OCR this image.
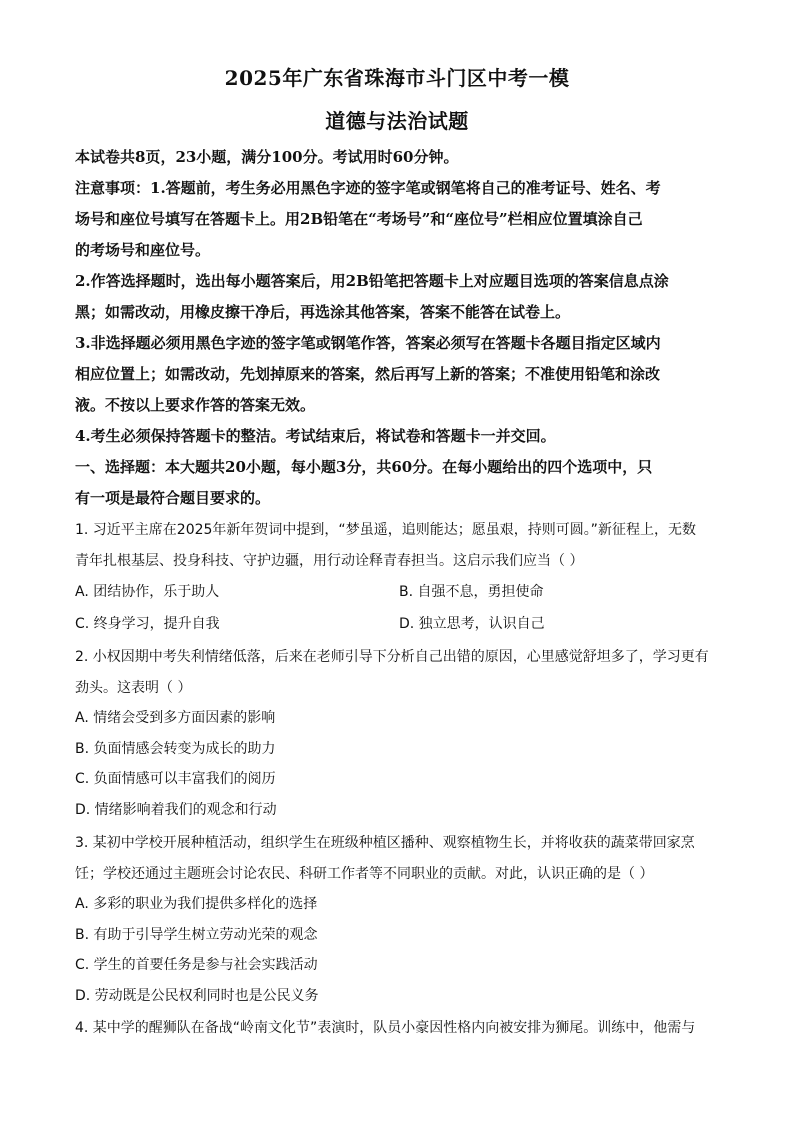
2025年广东省珠海市斗门区中考一模
道德与法治试题
本试卷共8页，23小题，满分100分。考试用时60分钟。
注意事项：1.答题前，考生务必用黑色字迹的签字笔或钢笔将自己的准考证号、姓名、考
场号和座位号填写在答题卡上。用2B铅笔在“考场号”和“座位号”栏相应位置填涂自己
的考场号和座位号。
2.作答选择题时，选出每小题答案后，用2B铅笔把答题卡上对应题目选项的答案信息点涂
黑；如需改动，用橡皮擦干净后，再选涂其他答案，答案不能答在试卷上。
3.非选择题必须用黑色字迹的签字笔或钢笔作答，答案必须写在答题卡各题目指定区域内
相应位置上；如需改动，先划掉原来的答案，然后再写上新的答案；不准使用铅笔和涂改
液。不按以上要求作答的答案无效。
4.考生必须保持答题卡的整洁。考试结束后，将试卷和答题卡一并交回。
一、选择题：本大题共20小题，每小题3分，共60分。在每小题给出的四个选项中，只
有一项是最符合题目要求的。
1. 习近平主席在2025年新年贺词中提到，“梦虽遥，追则能达；愿虽艰，持则可圆。”新征程上，无数
青年扎根基层、投身科技、守护边疆，用行动诠释青春担当。这启示我们应当（ ）
A. 团结协作，乐于助人	B. 自强不息，勇担使命
C. 终身学习，提升自我	D. 独立思考，认识自己
2. 小权因期中考失利情绪低落，后来在老师引导下分析自己出错的原因，心里感觉舒坦多了，学习更有
劲头。这表明（ ）
A. 情绪会受到多方面因素的影响
B. 负面情感会转变为成长的助力
C. 负面情感可以丰富我们的阅历
D. 情绪影响着我们的观念和行动
3. 某初中学校开展种植活动，组织学生在班级种植区播种、观察植物生长，并将收获的蔬菜带回家烹
饪；学校还通过主题班会讨论农民、科研工作者等不同职业的贡献。对此，认识正确的是（ ）
A. 多彩的职业为我们提供多样化的选择
B. 有助于引导学生树立劳动光荣的观念
C. 学生的首要任务是参与社会实践活动
D. 劳动既是公民权利同时也是公民义务
4. 某中学的醒狮队在备战“岭南文化节”表演时，队员小豪因性格内向被安排为狮尾。训练中，他需与
